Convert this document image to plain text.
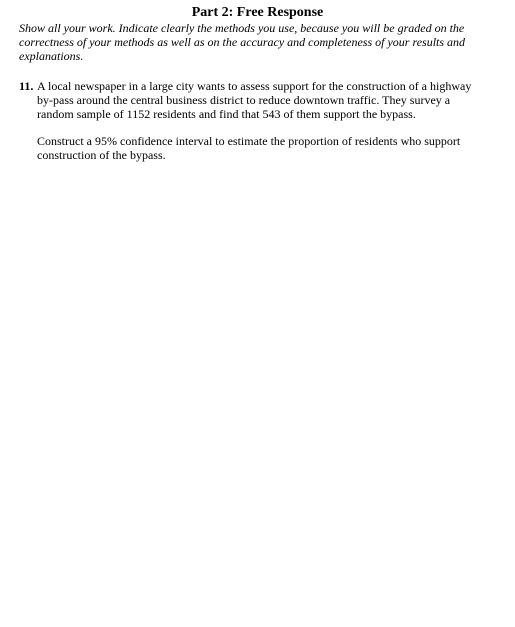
Part 2: Free Response

Show all your work. Indicate clearly the methods you use, because you will be graded on the correctness of your methods as well as on the accuracy and completeness of your results and explanations.

11. A local newspaper in a large city wants to assess support for the construction of a highway by-pass around the central business district to reduce downtown traffic. They survey a random sample of 1152 residents and find that 543 of them support the bypass.

Construct a 95% confidence interval to estimate the proportion of residents who support construction of the bypass.
